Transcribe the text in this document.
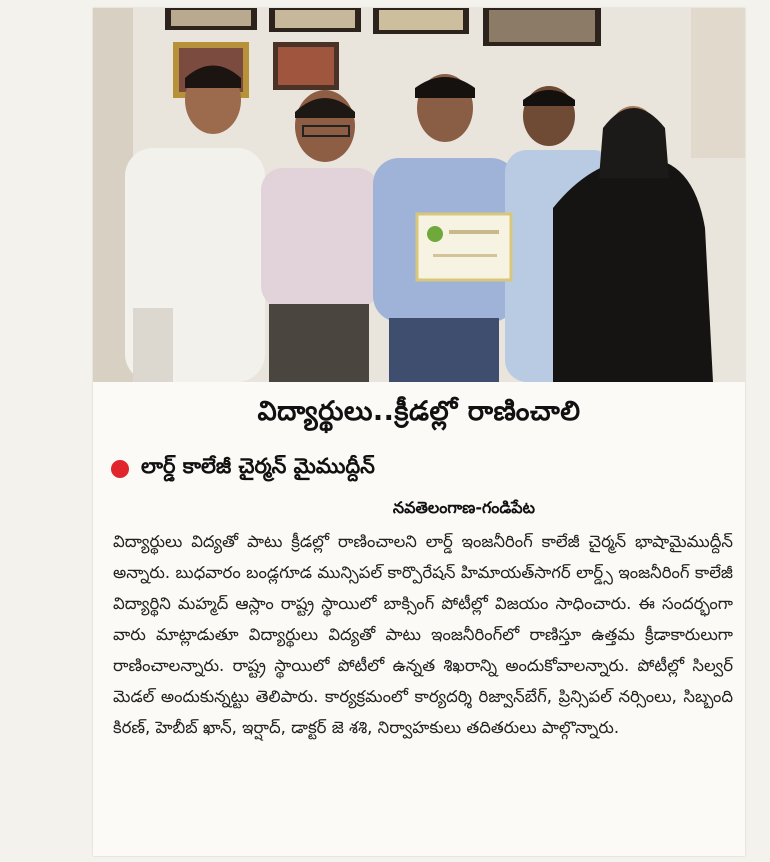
విద్యార్థులు..క్రీడల్లో రాణించాలి
లార్డ్ కాలేజీ చైర్మన్ మైముద్దీన్
నవతెలంగాణ-గండిపేట
విద్యార్థులు విద్యతో పాటు క్రీడల్లో రాణించాలని లార్డ్ ఇంజనీరింగ్ కాలేజీ చైర్మన్ భాషామైముద్దీన్ అన్నారు. బుధవారం బండ్లగూడ మున్సిపల్ కార్పొరేషన్ హిమాయత్‌సాగర్ లార్డ్స్ ఇంజనీరింగ్ కాలేజీ విద్యార్థిని మహ్మద్ ఆస్లాం రాష్ట్ర స్థాయిలో బాక్సింగ్ పోటీల్లో విజయం సాధించారు. ఈ సందర్భంగా వారు మాట్లాడుతూ విద్యార్థులు విద్యతో పాటు ఇంజనీరింగ్‌లో రాణిస్తూ ఉత్తమ క్రీడాకారులుగా రాణించాలన్నారు. రాష్ట్ర స్థాయిలో పోటీలో ఉన్నత శిఖరాన్ని అందుకోవాలన్నారు. పోటీల్లో సిల్వర్ మెడల్ అందుకున్నట్టు తెలిపారు. కార్యక్రమంలో కార్యదర్శి రిజ్వాన్‌బేగ్, ప్రిన్సిపల్ నర్సింలు, సిబ్బంది కిరణ్, హెబీబ్ ఖాన్, ఇర్షాద్, డాక్టర్ జె శశి, నిర్వాహకులు తదితరులు పాల్గొన్నారు.
